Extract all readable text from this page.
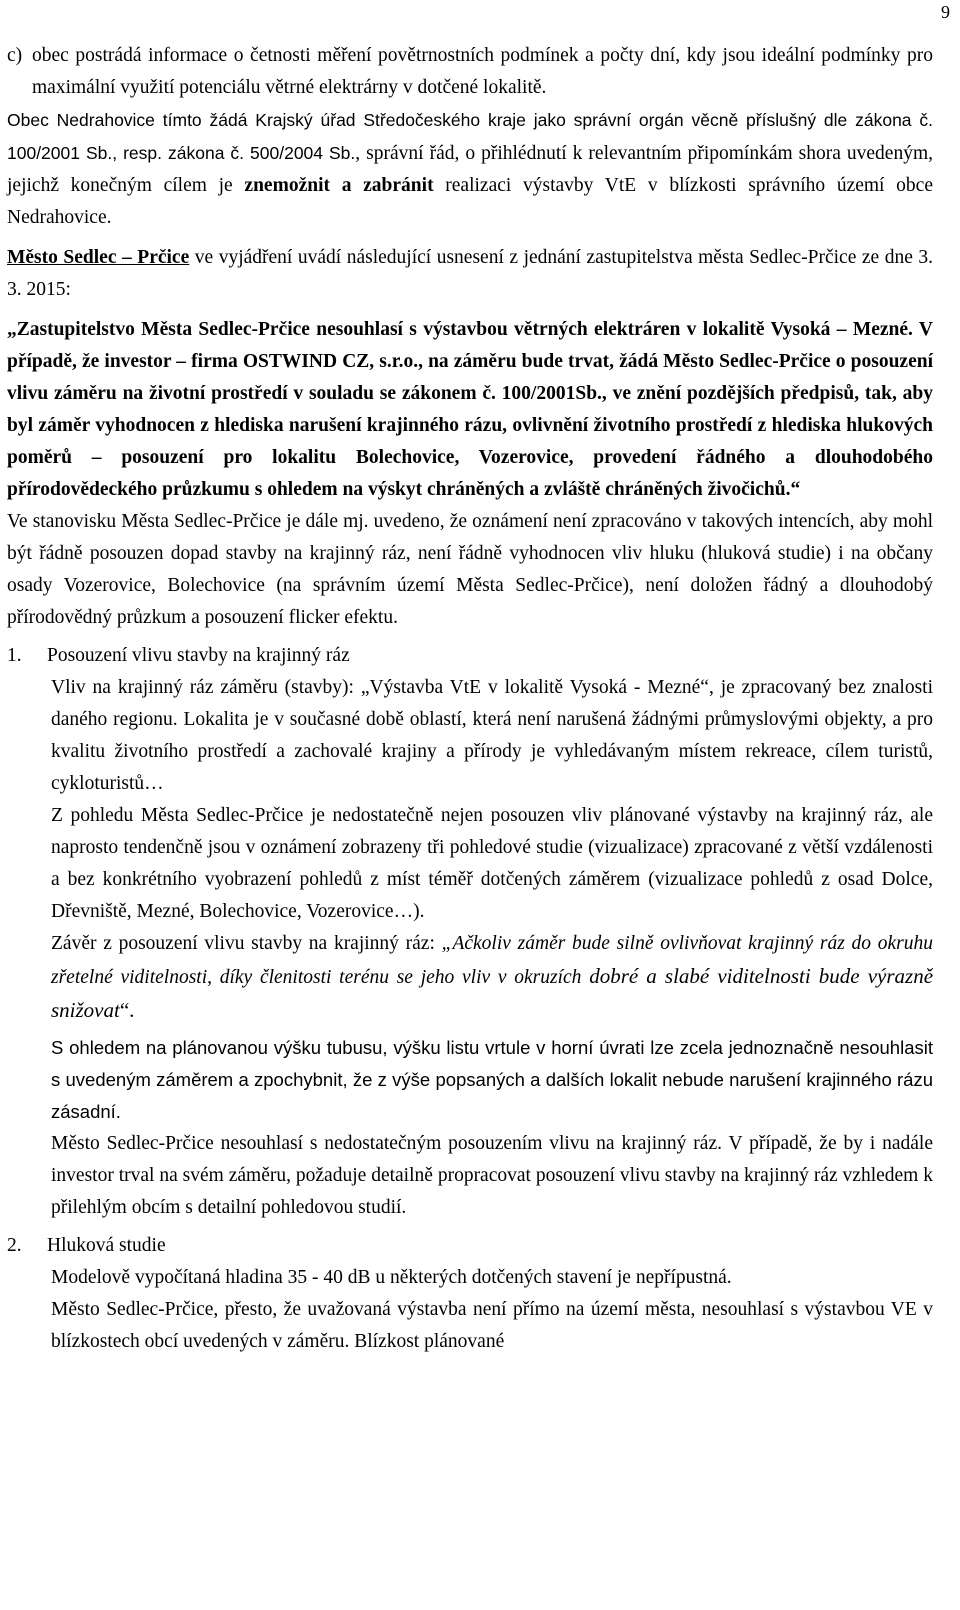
9
c) obec postrádá informace o četnosti měření povětrnostních podmínek a počty dní, kdy jsou ideální podmínky pro maximální využití potenciálu větrné elektrárny v dotčené lokalitě.

Obec Nedrahovice tímto žádá Krajský úřad Středočeského kraje jako správní orgán věcně příslušný dle zákona č. 100/2001 Sb., resp. zákona č. 500/2004 Sb., správní řád, o přihlédnutí k relevantním připomínkám shora uvedeným, jejichž konečným cílem je znemožnit a zabránit realizaci výstavby VtE v blízkosti správního území obce Nedrahovice.

Město Sedlec – Prčice ve vyjádření uvádí následující usnesení z jednání zastupitelstva města Sedlec-Prčice ze dne 3. 3. 2015:

„Zastupitelstvo Města Sedlec-Prčice nesouhlasí s výstavbou větrných elektráren v lokalitě Vysoká – Mezné. V případě, že investor – firma OSTWIND CZ, s.r.o., na záměru bude trvat, žádá Město Sedlec-Prčice o posouzení vlivu záměru na životní prostředí v souladu se zákonem č. 100/2001Sb., ve znění pozdějších předpisů, tak, aby byl záměr vyhodnocen z hlediska narušení krajinného rázu, ovlivnění životního prostředí z hlediska hlukových poměrů – posouzení pro lokalitu Bolechovice, Vozerovice, provedení řádného a dlouhodobého přírodovědeckého průzkumu s ohledem na výskyt chráněných a zvláště chráněných živočichů.“

Ve stanovisku Města Sedlec-Prčice je dále mj. uvedeno, že oznámení není zpracováno v takových intencích, aby mohl být řádně posouzen dopad stavby na krajinný ráz, není řádně vyhodnocen vliv hluku (hluková studie) i na občany osady Vozerovice, Bolechovice (na správním území Města Sedlec-Prčice), není doložen řádný a dlouhodobý přírodovědný průzkum a posouzení flicker efektu.

1.	Posouzení vlivu stavby na krajinný ráz

Vliv na krajinný ráz záměru (stavby): „Výstavba VtE v lokalitě Vysoká - Mezné“, je zpracovaný bez znalosti daného regionu. Lokalita je v současné době oblastí, která není narušená žádnými průmyslovými objekty, a pro kvalitu životního prostředí a zachovalé krajiny a přírody je vyhledávaným místem rekreace, cílem turistů, cykloturistů…

Z pohledu Města Sedlec-Prčice je nedostatečně nejen posouzen vliv plánované výstavby na krajinný ráz, ale naprosto tendenčně jsou v oznámení zobrazeny tři pohledové studie (vizualizace) zpracované z větší vzdálenosti a bez konkrétního vyobrazení pohledů z míst téměř dotčených záměrem (vizualizace pohledů z osad Dolce, Dřevniště, Mezné, Bolechovice, Vozerovice…).

Závěr z posouzení vlivu stavby na krajinný ráz: „Ačkoliv záměr bude silně ovlivňovat krajinný ráz do okruhu zřetelné viditelnosti, díky členitosti terénu se jeho vliv v okruzích dobré a slabé viditelnosti bude výrazně snižovat“.

S ohledem na plánovanou výšku tubusu, výšku listu vrtule v horní úvrati lze zcela jednoznačně nesouhlasit s uvedeným záměrem a zpochybnit, že z výše popsaných a dalších lokalit nebude narušení krajinného rázu zásadní.

Město Sedlec-Prčice nesouhlasí s nedostatečným posouzením vlivu na krajinný ráz. V případě, že by i nadále investor trval na svém záměru, požaduje detailně propracovat posouzení vlivu stavby na krajinný ráz vzhledem k přilehlým obcím s detailní pohledovou studií.

2.	Hluková studie

Modelově vypočítaná hladina 35 - 40 dB u některých dotčených stavení je nepřípustná.

Město Sedlec-Prčice, přesto, že uvažovaná výstavba není přímo na území města, nesouhlasí s výstavbou VE v blízkostech obcí uvedených v záměru. Blízkost plánované
